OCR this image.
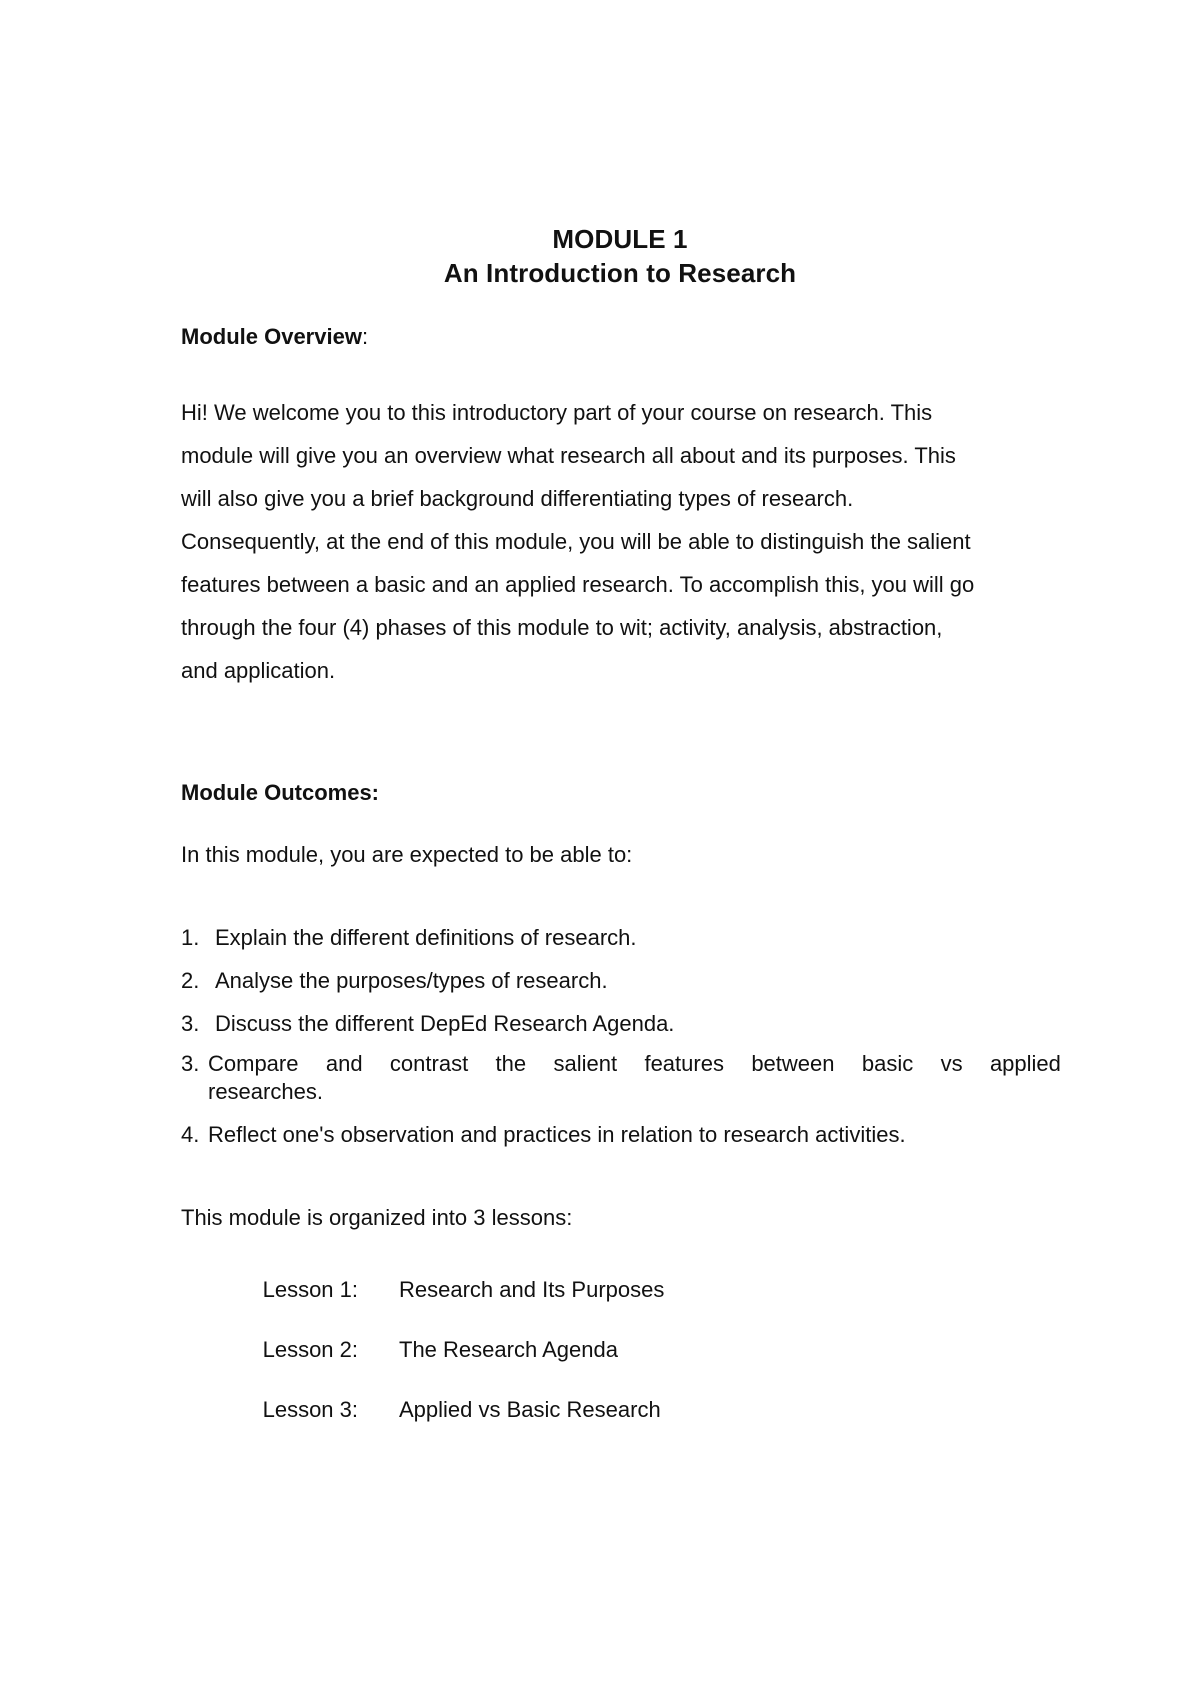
MODULE 1
An Introduction to Research
Module Overview:
Hi! We welcome you to this introductory part of your course on research. This
module will give you an overview what research all about and its purposes. This
will also give you a brief background differentiating types of research.
Consequently, at the end of this module, you will be able to distinguish the salient
features between a basic and an applied research. To accomplish this, you will go
through the four (4) phases of this module to wit; activity, analysis, abstraction,
and application.
Module Outcomes:
In this module, you are expected to be able to:
1. Explain the different definitions of research.
2. Analyse the purposes/types of research.
3. Discuss the different DepEd Research Agenda.
3. Compare and contrast the salient features between basic vs applied
researches.
4. Reflect one's observation and practices in relation to research activities.
This module is organized into 3 lessons:
Lesson 1: Research and Its Purposes
Lesson 2: The Research Agenda
Lesson 3: Applied vs Basic Research
